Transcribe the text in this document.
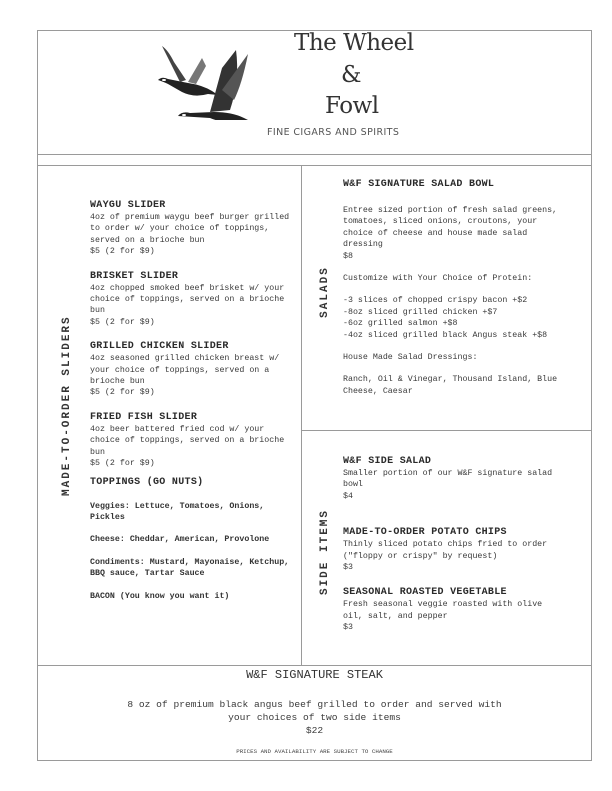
The Wheel
&
Fowl
FINE CIGARS AND SPIRITS
MADE-TO-ORDER SLIDERS
WAYGU SLIDER
4oz of premium waygu beef burger grilled to order w/ your choice of toppings, served on a brioche bun
$5 (2 for $9)
BRISKET SLIDER
4oz chopped smoked beef brisket w/ your choice of toppings, served on a brioche bun
$5 (2 for $9)
GRILLED CHICKEN SLIDER
4oz seasoned grilled chicken breast w/ your choice of toppings, served on a brioche bun
$5 (2 for $9)
FRIED FISH SLIDER
4oz beer battered fried cod w/ your choice of toppings, served on a brioche bun
$5 (2 for $9)
TOPPINGS (GO NUTS)
Veggies: Lettuce, Tomatoes, Onions, Pickles
Cheese: Cheddar, American, Provolone
Condiments: Mustard, Mayonaise, Ketchup, BBQ sauce, Tartar Sauce
BACON (You know you want it)
SALADS
W&F SIGNATURE SALAD BOWL
Entree sized portion of fresh salad greens, tomatoes, sliced onions, croutons, your choice of cheese and house made salad dressing
$8
Customize with Your Choice of Protein:
-3 slices of chopped crispy bacon +$2
-8oz sliced grilled chicken +$7
-6oz grilled salmon +$8
-4oz sliced grilled black Angus steak +$8
House Made Salad Dressings:
Ranch, Oil & Vinegar, Thousand Island, Blue Cheese, Caesar
SIDE ITEMS
W&F SIDE SALAD
Smaller portion of our W&F signature salad bowl
$4
MADE-TO-ORDER POTATO CHIPS
Thinly sliced potato chips fried to order ("floppy or crispy" by request)
$3
SEASONAL ROASTED VEGETABLE
Fresh seasonal veggie roasted with olive oil, salt, and pepper
$3
W&F SIGNATURE STEAK
8 oz of premium black angus beef grilled to order and served with
your choices of two side items
$22
PRICES AND AVAILABILITY ARE SUBJECT TO CHANGE
